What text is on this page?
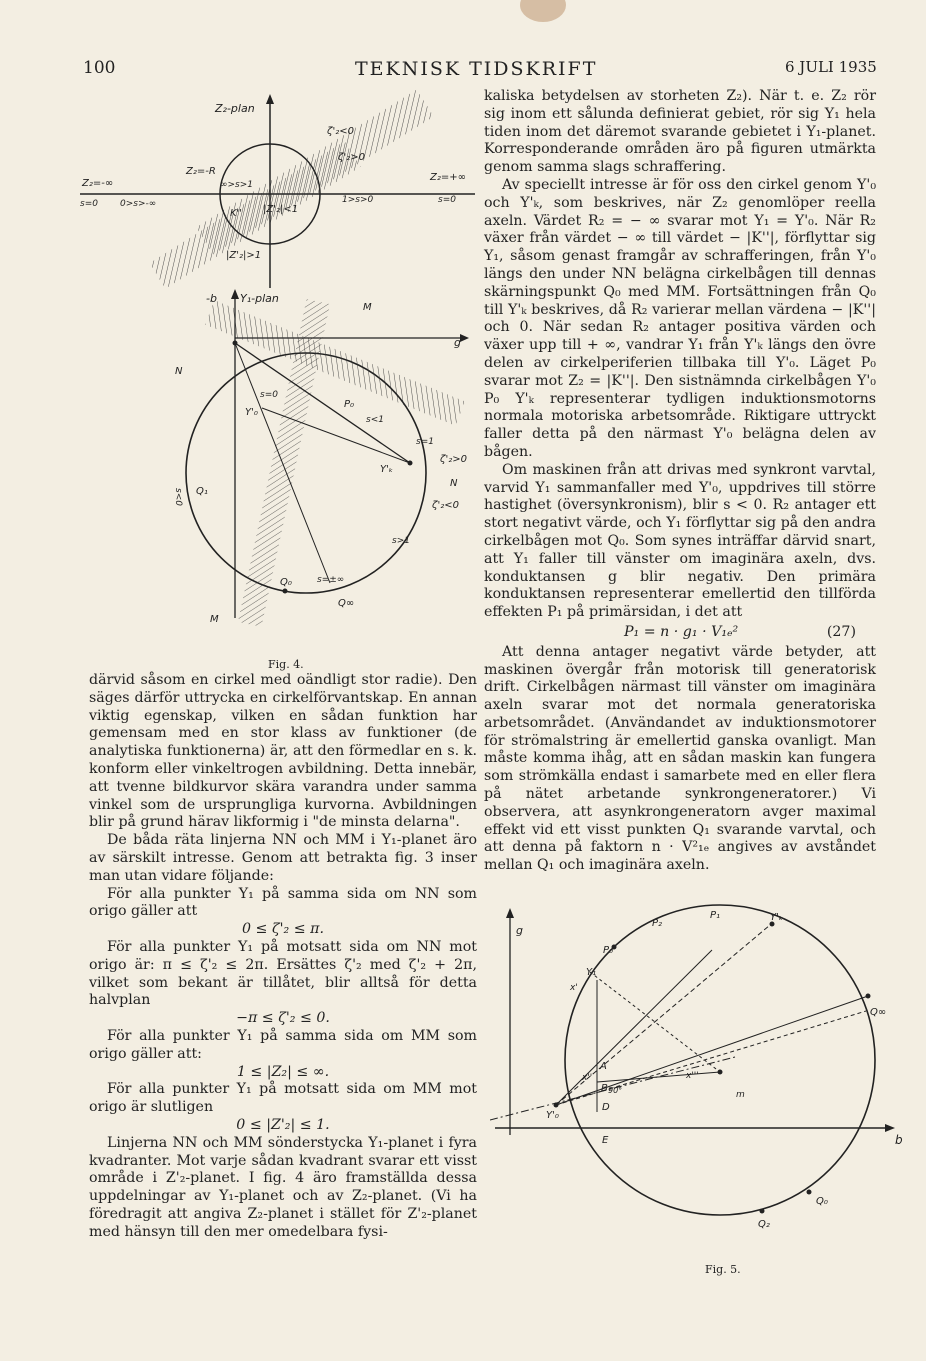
100	TEKNISK TIDSKRIFT	6 JULI 1935
Z₂-plan
ζ'₂<0
ζ'₂>0
Z₂=-∞
Z₂=-R
∞>s>1
s=0 0>s>-∞
K'' |Z'₂|<1
|Z'₂|>1
1>s>0
Z₂=+∞
s=0
-b Y₁-plan
M
g
N
Y'₀
s=0
P₀
s<1
s=1
ζ'₂>0
ζ'₂<0
Y'ₖ
Q₁
s<0
s>1
Q₀	s=±∞
Q∞
M
N
Fig. 4.

därvid såsom en cirkel med oändligt stor radie). Den säges därför uttrycka en cirkelförvantskap. En annan viktig egenskap, vilken en sådan funktion har gemensam med en stor klass av funktioner (de analytiska funktionerna) är, att den förmedlar en s. k. konform eller vinkeltrogen avbildning. Detta innebär, att tvenne bildkurvor skära varandra under samma vinkel som de ursprungliga kurvorna. Avbildningen blir på grund härav likformig i "de minsta delarna".

De båda räta linjerna NN och MM i Y₁-planet äro av särskilt intresse. Genom att betrakta fig. 3 inser man utan vidare följande:

För alla punkter Y₁ på samma sida om NN som origo gäller att

0 ≤ ζ'₂ ≤ π.

För alla punkter Y₁ på motsatt sida om NN mot origo är: π ≤ ζ'₂ ≤ 2π. Ersättes ζ'₂ med ζ'₂ + 2π, vilket som bekant är tillåtet, blir alltså för detta halvplan

−π ≤ ζ'₂ ≤ 0.

För alla punkter Y₁ på samma sida om MM som origo gäller att:

1 ≤ |Z₂| ≤ ∞.

För alla punkter Y₁ på motsatt sida om MM mot origo är slutligen

0 ≤ |Z'₂| ≤ 1.

Linjerna NN och MM sönderstycka Y₁-planet i fyra kvadranter. Mot varje sådan kvadrant svarar ett visst område i Z'₂-planet. I fig. 4 äro framställda dessa uppdelningar av Y₁-planet och av Z₂-planet. (Vi ha föredragit att angiva Z₂-planet i stället för Z'₂-planet med hänsyn till den mer omedelbara fysi-

kaliska betydelsen av storheten Z₂). När t. e. Z₂ rör sig inom ett sålunda definierat gebiet, rör sig Y₁ hela tiden inom det däremot svarande gebietet i Y₁-planet. Korresponderande områden äro på figuren utmärkta genom samma slags schraffering.

Av speciellt intresse är för oss den cirkel genom Y'₀ och Y'ₖ, som beskrives, när Z₂ genomlöper reella axeln. Värdet R₂ = − ∞ svarar mot Y₁ = Y'₀. När R₂ växer från värdet − ∞ till värdet − |K''|, förflyttar sig Y₁, såsom genast framgår av schrafferingen, från Y'₀ längs den under NN belägna cirkelbågen till dennas skärningspunkt Q₀ med MM. Fortsättningen från Q₀ till Y'ₖ beskrives, då R₂ varierar mellan värdena − |K''| och 0. När sedan R₂ antager positiva värden och växer upp till + ∞, vandrar Y₁ från Y'ₖ längs den övre delen av cirkelperiferien tillbaka till Y'₀. Läget P₀ svarar mot Z₂ = |K''|. Den sistnämnda cirkelbågen Y'₀ P₀ Y'ₖ representerar tydligen induktionsmotorns normala motoriska arbetsområde. Riktigare uttryckt faller detta på den närmast Y'₀ belägna delen av bågen.

Om maskinen från att drivas med synkront varvtal, varvid Y₁ sammanfaller med Y'₀, uppdrives till större hastighet (översynkronism), blir s < 0. R₂ antager ett stort negativt värde, och Y₁ förflyttar sig på den andra cirkelbågen mot Q₀. Som synes inträffar därvid snart, att Y₁ faller till vänster om imaginära axeln, dvs. konduktansen g blir negativ. Den primära konduktansen representerar emellertid den tillförda effekten P₁ på primärsidan, i det att

P₁ = n · g₁ · V₁ₑ²	(27)

Att denna antager negativt värde betyder, att maskinen övergår från motorisk till generatorisk drift. Cirkelbågen närmast till vänster om imaginära axeln svarar mot det normala generatoriska arbetsområdet. (Användandet av induktionsmotorer för strömalstring är emellertid ganska ovanligt. Man måste komma ihåg, att en sådan maskin kan fungera som strömkälla endast i samarbete med en eller flera på nätet arbetande synkrongeneratorer.) Vi observera, att asynkrongeneratorn avger maximal effekt vid ett visst punkten Q₁ svarande varvtal, och att denna på faktorn n · V²₁ₑ angives av avståndet mellan Q₁ och imaginära axeln.

g
P₀
P₂
P₁	Y'ₖ
Y₁
x'
Q∞
A
x''
B 90°
x'''
m
Y'₀
D
E	b
Q₀
Q₂
Fig. 5.
